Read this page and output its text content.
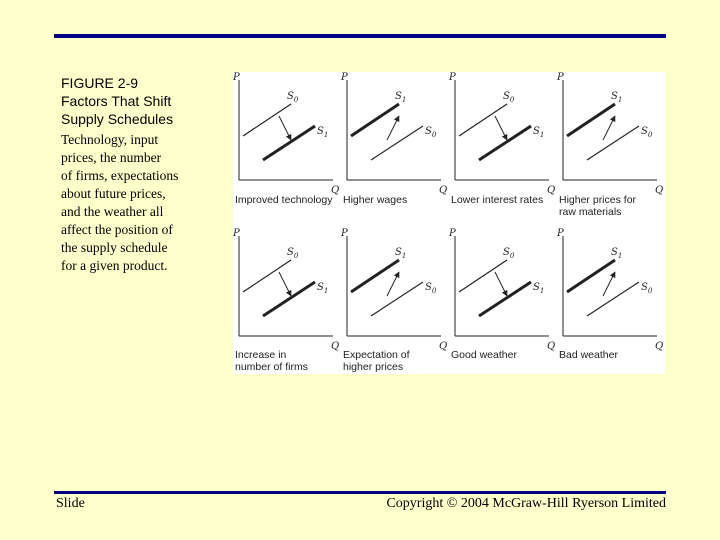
FIGURE 2-9
Factors That Shift
Supply Schedules
Technology, input
prices, the number
of firms, expectations
about future prices,
and the weather all
affect the position of
the supply schedule
for a given product.
P
Q
$S_0$
$S_1$
Improved technology
P
Q
$S_1$
$S_0$
Higher wages
P
Q
$S_0$
$S_1$
Lower interest rates
P
Q
$S_1$
$S_0$
Higher prices for
raw materials
P
Q
$S_0$
$S_1$
Increase in
number of firms
P
Q
$S_1$
$S_0$
Expectation of
higher prices
P
Q
$S_0$
$S_1$
Good weather
P
Q
$S_1$
$S_0$
Bad weather
Slide	Copyright © 2004 McGraw-Hill Ryerson Limited
